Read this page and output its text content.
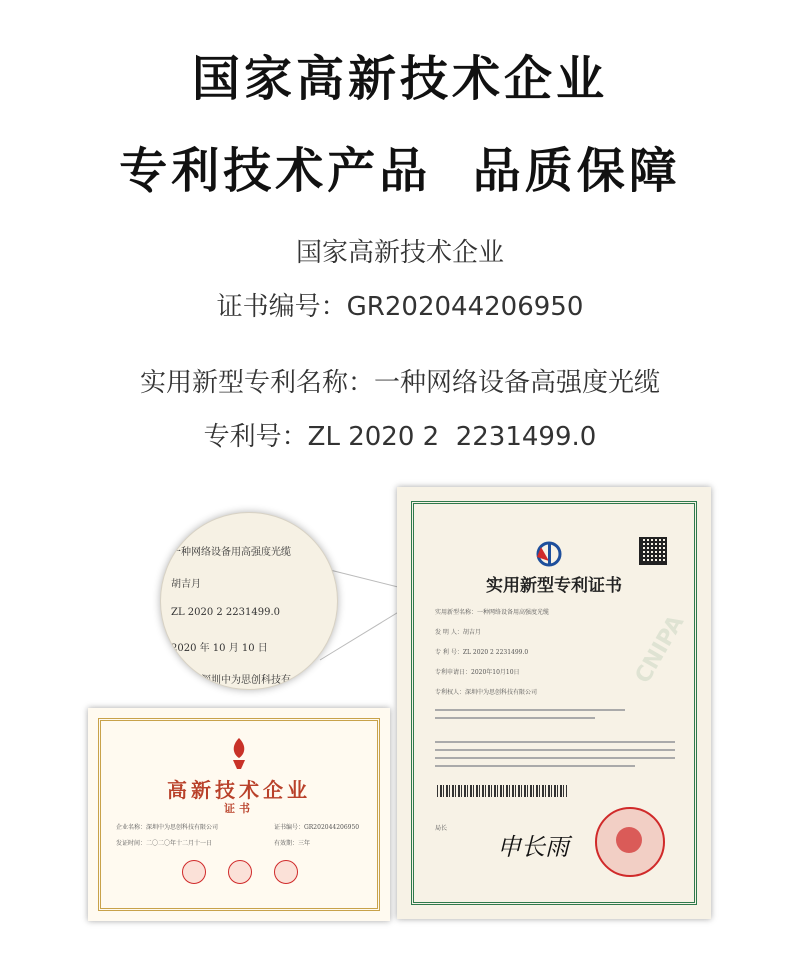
国家高新技术企业
专利技术产品  品质保障
国家高新技术企业
证书编号：GR202044206950
实用新型专利名称：一种网络设备高强度光缆
专利号：ZL 2020 2  2231499.0
实用新型专利证书
CNIPA
实用新型名称：一种网络设备用高强度光缆
发 明 人：胡吉月
专 利 号：ZL 2020 2 2231499.0
专利申请日：2020年10月10日
专利权人：深圳中为思创科技有限公司
局长
申长雨
高新技术企业
证书
企业名称：深圳中为思创科技有限公司	证书编号：GR202044206950
发证时间：二〇二〇年十二月十一日	有效期：三年
一种网络设备用高强度光缆
胡吉月
ZL 2020 2 2231499.0
2020 年 10 月 10 日
深圳中为思创科技有
